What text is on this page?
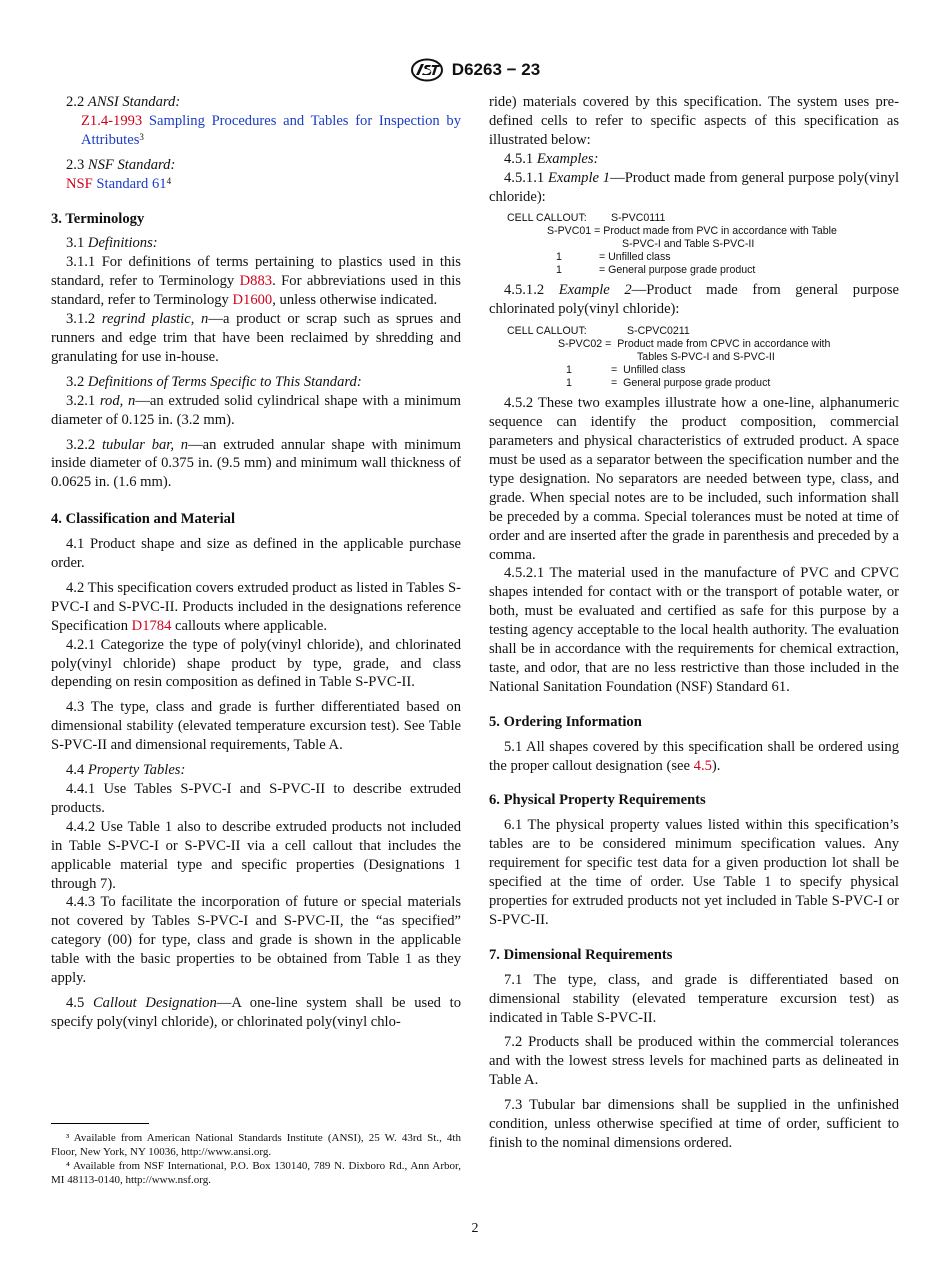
D6263 − 23

2.2 ANSI Standard:

Z1.4-1993 Sampling Procedures and Tables for Inspection by Attributes$^3$

2.3 NSF Standard:

NSF Standard $61^4$

3. Terminology

3.1 Definitions:

3.1.1 For definitions of terms pertaining to plastics used in this standard, refer to Terminology D883. For abbreviations used in this standard, refer to Terminology D1600, unless otherwise indicated.

3.1.2 regrind plastic, n—a product or scrap such as sprues and runners and edge trim that have been reclaimed by shredding and granulating for use in-house.

3.2 Definitions of Terms Specific to This Standard:

3.2.1 rod, n—an extruded solid cylindrical shape with a minimum diameter of 0.125 in. (3.2 mm).

3.2.2 tubular bar, n—an extruded annular shape with minimum inside diameter of 0.375 in. (9.5 mm) and minimum wall thickness of 0.0625 in. (1.6 mm).

4. Classification and Material

4.1 Product shape and size as defined in the applicable purchase order.

4.2 This specification covers extruded product as listed in Tables S-PVC-I and S-PVC-II. Products included in the designations reference Specification D1784 callouts where applicable.

4.2.1 Categorize the type of poly(vinyl chloride), and chlorinated poly(vinyl chloride) shape product by type, grade, and class depending on resin composition as defined in Table S-PVC-II.

4.3 The type, class and grade is further differentiated based on dimensional stability (elevated temperature excursion test). See Table S-PVC-II and dimensional requirements, Table A.

4.4 Property Tables:

4.4.1 Use Tables S-PVC-I and S-PVC-II to describe extruded products.

4.4.2 Use Table 1 also to describe extruded products not included in Table S-PVC-I or S-PVC-II via a cell callout that includes the applicable material type and specific properties (Designations 1 through 7).

4.4.3 To facilitate the incorporation of future or special materials not covered by Tables S-PVC-I and S-PVC-II, the “as specified” category (00) for type, class and grade is shown in the applicable table with the basic properties to be obtained from Table 1 as they apply.

4.5 Callout Designation—A one-line system shall be used to specify poly(vinyl chloride), or chlorinated poly(vinyl chlo-

ride) materials covered by this specification. The system uses pre-defined cells to refer to specific aspects of this specification as illustrated below:

4.5.1 Examples:

4.5.1.1 Example 1—Product made from general purpose poly(vinyl chloride):

CELL CALLOUT:	S-PVC0111
S-PVC01 = Product made from PVC in accordance with Table
S-PVC-I and Table S-PVC-II
1	= Unfilled class
1	= General purpose grade product

4.5.1.2 Example 2—Product made from general purpose chlorinated poly(vinyl chloride):

CELL CALLOUT:	S-CPVC0211
S-PVC02 =  Product made from CPVC in accordance with
Tables S-PVC-I and S-PVC-II
1	=  Unfilled class
1	=  General purpose grade product

4.5.2 These two examples illustrate how a one-line, alphanumeric sequence can identify the product composition, commercial parameters and physical characteristics of extruded product. A space must be used as a separator between the specification number and the type designation. No separators are needed between type, class, and grade. When special notes are to be included, such information shall be preceded by a comma. Special tolerances must be noted at time of order and are inserted after the grade in parenthesis and preceded by a comma.

4.5.2.1 The material used in the manufacture of PVC and CPVC shapes intended for contact with or the transport of potable water, or both, must be evaluated and certified as safe for this purpose by a testing agency acceptable to the local health authority. The evaluation shall be in accordance with the requirements for chemical extraction, taste, and odor, that are no less restrictive than those included in the National Sanitation Foundation (NSF) Standard 61.

5. Ordering Information

5.1 All shapes covered by this specification shall be ordered using the proper callout designation (see 4.5).

6. Physical Property Requirements

6.1 The physical property values listed within this specification’s tables are to be considered minimum specification values. Any requirement for specific test data for a given production lot shall be specified at the time of order. Use Table 1 to specify physical properties for extruded products not yet included in Table S-PVC-I or S-PVC-II.

7. Dimensional Requirements

7.1 The type, class, and grade is differentiated based on dimensional stability (elevated temperature excursion test) as indicated in Table S-PVC-II.

7.2 Products shall be produced within the commercial tolerances and with the lowest stress levels for machined parts as delineated in Table A.

7.3 Tubular bar dimensions shall be supplied in the unfinished condition, unless otherwise specified at time of order, sufficient to finish to the nominal dimensions ordered.

³ Available from American National Standards Institute (ANSI), 25 W. 43rd St., 4th Floor, New York, NY 10036, http://www.ansi.org.

⁴ Available from NSF International, P.O. Box 130140, 789 N. Dixboro Rd., Ann Arbor, MI 48113-0140, http://www.nsf.org.

2
